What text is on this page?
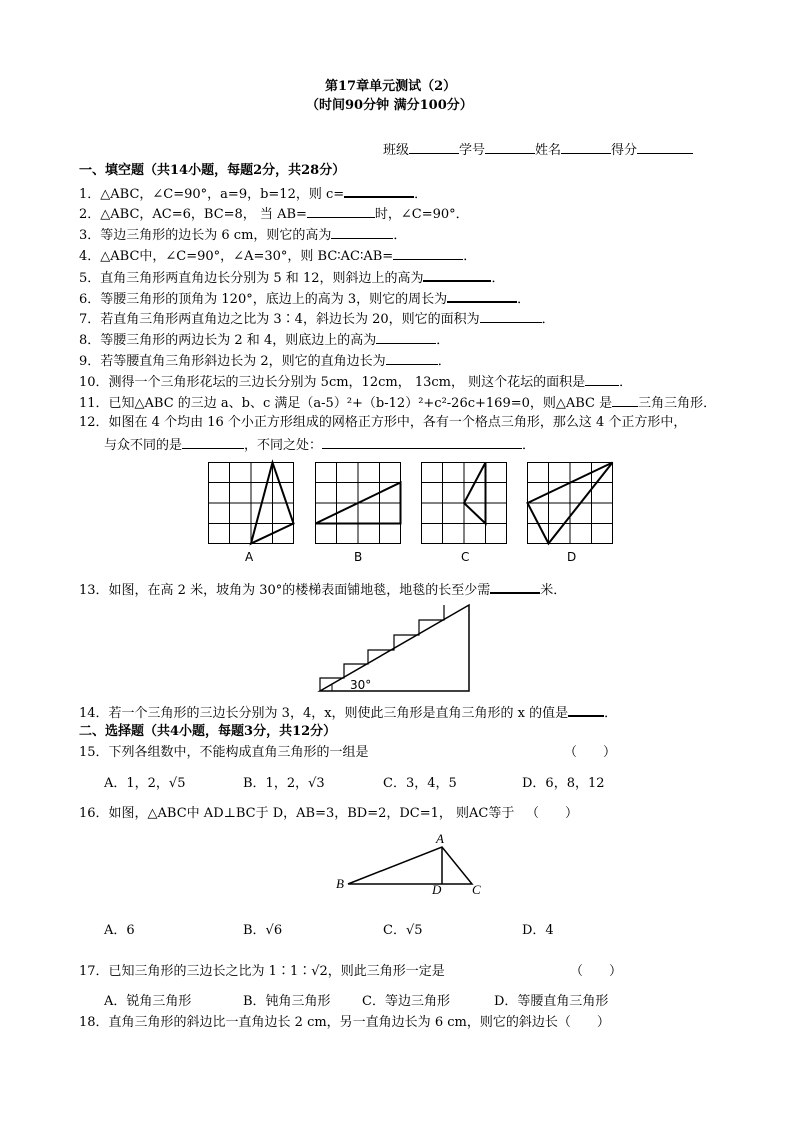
第17章单元测试（2）
（时间90分钟 满分100分）
班级	学号	姓名	得分
一、填空题（共14小题，每题2分，共28分）
1．△ABC，∠C=90°，a=9，b=12，则 c=	．
2．△ABC，AC=6，BC=8， 当 AB=	时，∠C=90°．
3．等边三角形的边长为 6 cm，则它的高为	．
4．△ABC中，∠C=90°，∠A=30°，则 BC∶AC∶AB=	．
5．直角三角形两直角边长分别为 5 和 12，则斜边上的高为	．
6．等腰三角形的顶角为 120°，底边上的高为 3，则它的周长为	．
7．若直角三角形两直角边之比为 3∶4，斜边长为 20，则它的面积为	．
8．等腰三角形的两边长为 2 和 4，则底边上的高为	．
9．若等腰直角三角形斜边长为 2，则它的直角边长为	．
10．测得一个三角形花坛的三边长分别为 5cm，12cm， 13cm， 则这个花坛的面积是	．
11．已知△ABC 的三边 a、b、c 满足（a-5）²+（b-12）²+c²-26c+169=0，则△ABC 是 三角三角形．
12．如图在 4 个均由 16 个小正方形组成的网格正方形中，各有一个格点三角形，那么这 4 个正方形中，
与众不同的是	，不同之处：	．
A	B	C	D
13．如图，在高 2 米，坡角为 30°的楼梯表面铺地毯，地毯的长至少需	米．
30°
14．若一个三角形的三边长分别为 3，4，x，则使此三角形是直角三角形的 x 的值是	．
二、选择题（共4小题，每题3分，共12分）
15．下列各组数中，不能构成直角三角形的一组是	（　　）
A．1，2，√5	B．1，2，√3	C．3，4，5	D．6，8，12
16．如图，△ABC中 AD⊥BC于 D，AB=3，BD=2，DC=1， 则AC等于 （　　）
A
B	C
D
A．6	B．√6	C．√5	D．4
17．已知三角形的三边长之比为 1∶1∶√2，则此三角形一定是	（　　）
A．锐角三角形	B．钝角三角形 C．等边三角形	D．等腰直角三角形
18．直角三角形的斜边比一直角边长 2 cm，另一直角边长为 6 cm，则它的斜边长（　　）
